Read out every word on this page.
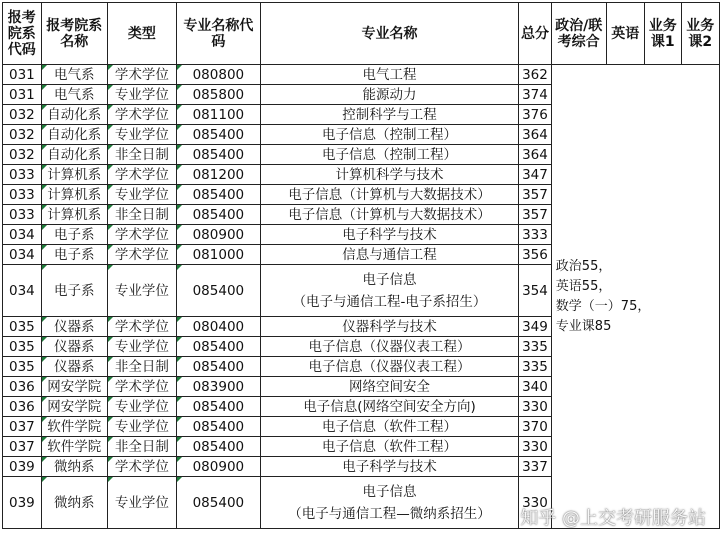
报考院系代码	报考院系名称	类型	专业名称代码	专业名称	总分	政治/联考综合	英语	业务课1	业务课2
031	电气系	学术学位	080800	电气工程	362	政治55，
英语55，
数学（一）75，
专业课85			

031	电气系	专业学位	085800	能源动力	374				
032	自动化系	学术学位	081100	控制科学与工程	376				
032	自动化系	专业学位	085400	电子信息（控制工程）	364				
032	自动化系	非全日制	085400	电子信息（控制工程）	364				
033	计算机系	学术学位	081200	计算机科学与技术	347				
033	计算机系	专业学位	085400	电子信息（计算机与大数据技术）	357				
033	计算机系	非全日制	085400	电子信息（计算机与大数据技术）	357				
034	电子系	学术学位	080900	电子科学与技术	333				
034	电子系	学术学位	081000	信息与通信工程	356				
034	电子系	专业学位	085400	电子信息
（电子与通信工程-电子系招生）	354				
035	仪器系	学术学位	080400	仪器科学与技术	349				
035	仪器系	专业学位	085400	电子信息（仪器仪表工程）	335				
035	仪器系	非全日制	085400	电子信息（仪器仪表工程）	335				
036	网安学院	学术学位	083900	网络空间安全	340				
036	网安学院	专业学位	085400	电子信息(网络空间安全方向)	330				
037	软件学院	专业学位	085400	电子信息（软件工程）	370				
037	软件学院	非全日制	085400	电子信息（软件工程）	330				
039	微纳系	学术学位	080900	电子科学与技术	337				
039	微纳系	专业学位	085400	电子信息
（电子与通信工程—微纳系招生）	330				
知乎 @上交考研服务站
